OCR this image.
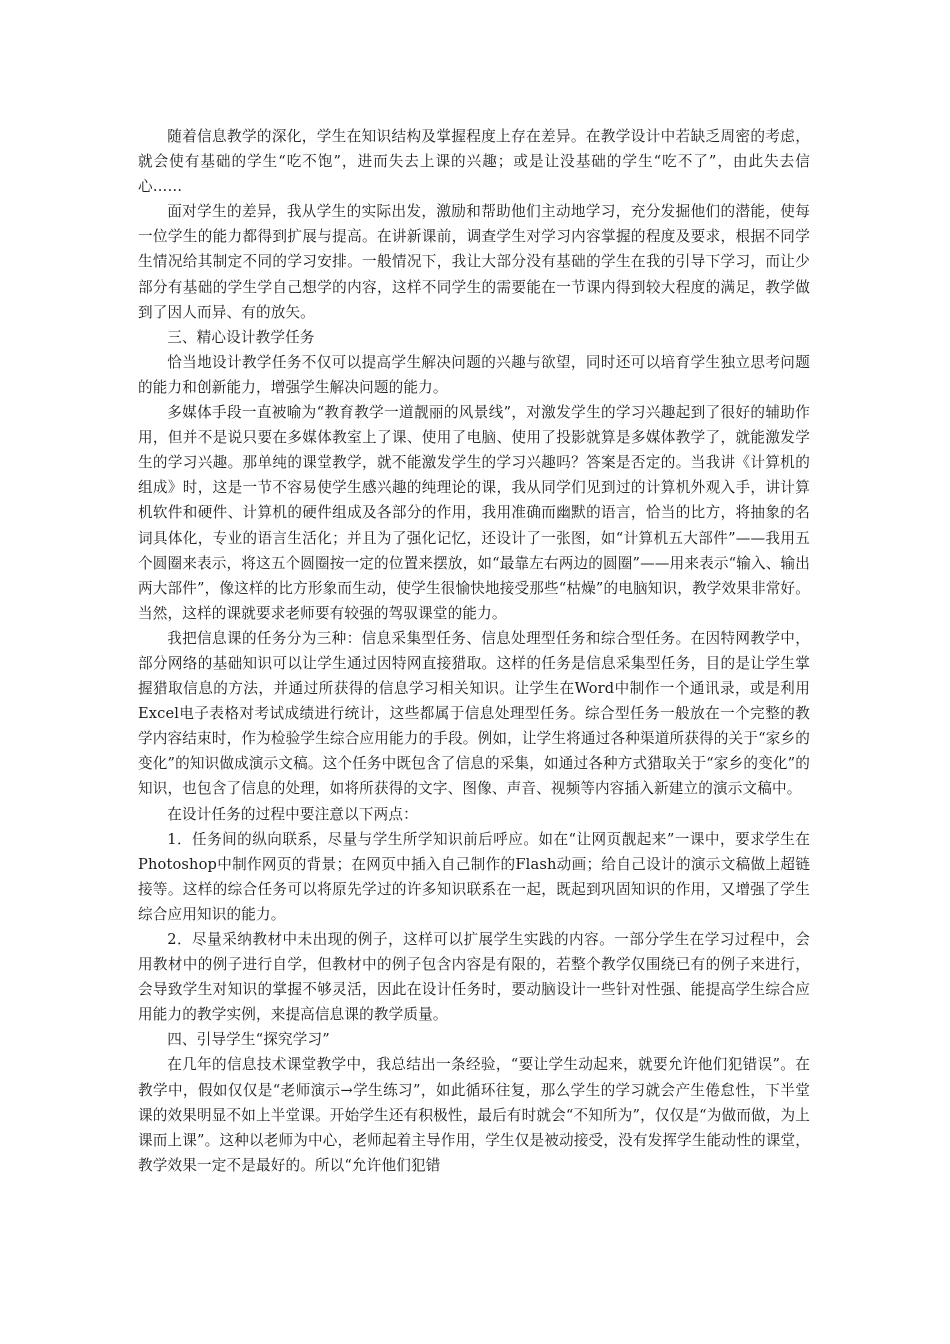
随着信息教学的深化，学生在知识结构及掌握程度上存在差异。在教学设计中若缺乏周密的考虑，就会使有基础的学生“吃不饱”，进而失去上课的兴趣；或是让没基础的学生“吃不了”，由此失去信心……

面对学生的差异，我从学生的实际出发，激励和帮助他们主动地学习，充分发掘他们的潜能，使每一位学生的能力都得到扩展与提高。在讲新课前，调查学生对学习内容掌握的程度及要求，根据不同学生情况给其制定不同的学习安排。一般情况下，我让大部分没有基础的学生在我的引导下学习，而让少部分有基础的学生学自己想学的内容，这样不同学生的需要能在一节课内得到较大程度的满足，教学做到了因人而异、有的放矢。

三、精心设计教学任务

恰当地设计教学任务不仅可以提高学生解决问题的兴趣与欲望，同时还可以培育学生独立思考问题的能力和创新能力，增强学生解决问题的能力。

多媒体手段一直被喻为“教育教学一道靓丽的风景线”，对激发学生的学习兴趣起到了很好的辅助作用，但并不是说只要在多媒体教室上了课、使用了电脑、使用了投影就算是多媒体教学了，就能激发学生的学习兴趣。那单纯的课堂教学，就不能激发学生的学习兴趣吗？答案是否定的。当我讲《计算机的组成》时，这是一节不容易使学生感兴趣的纯理论的课，我从同学们见到过的计算机外观入手，讲计算机软件和硬件、计算机的硬件组成及各部分的作用，我用准确而幽默的语言，恰当的比方，将抽象的名词具体化，专业的语言生活化；并且为了强化记忆，还设计了一张图，如“计算机五大部件”——我用五个圆圈来表示，将这五个圆圈按一定的位置来摆放，如“最靠左右两边的圆圈”——用来表示“输入、输出两大部件”，像这样的比方形象而生动，使学生很愉快地接受那些“枯燥”的电脑知识，教学效果非常好。当然，这样的课就要求老师要有较强的驾驭课堂的能力。

我把信息课的任务分为三种：信息采集型任务、信息处理型任务和综合型任务。在因特网教学中，部分网络的基础知识可以让学生通过因特网直接猎取。这样的任务是信息采集型任务，目的是让学生掌握猎取信息的方法，并通过所获得的信息学习相关知识。让学生在Word中制作一个通讯录，或是利用Excel电子表格对考试成绩进行统计，这些都属于信息处理型任务。综合型任务一般放在一个完整的教学内容结束时，作为检验学生综合应用能力的手段。例如，让学生将通过各种渠道所获得的关于“家乡的变化”的知识做成演示文稿。这个任务中既包含了信息的采集，如通过各种方式猎取关于“家乡的变化”的知识，也包含了信息的处理，如将所获得的文字、图像、声音、视频等内容插入新建立的演示文稿中。

在设计任务的过程中要注意以下两点：

1．任务间的纵向联系，尽量与学生所学知识前后呼应。如在“让网页靓起来”一课中，要求学生在Photoshop中制作网页的背景；在网页中插入自己制作的Flash动画；给自己设计的演示文稿做上超链接等。这样的综合任务可以将原先学过的许多知识联系在一起，既起到巩固知识的作用，又增强了学生综合应用知识的能力。

2．尽量采纳教材中未出现的例子，这样可以扩展学生实践的内容。一部分学生在学习过程中，会用教材中的例子进行自学，但教材中的例子包含内容是有限的，若整个教学仅围绕已有的例子来进行，会导致学生对知识的掌握不够灵活，因此在设计任务时，要动脑设计一些针对性强、能提高学生综合应用能力的教学实例，来提高信息课的教学质量。

四、引导学生“探究学习”

在几年的信息技术课堂教学中，我总结出一条经验，“要让学生动起来，就要允许他们犯错误”。在教学中，假如仅仅是“老师演示→学生练习”，如此循环往复，那么学生的学习就会产生倦怠性，下半堂课的效果明显不如上半堂课。开始学生还有积极性，最后有时就会“不知所为”，仅仅是“为做而做，为上课而上课”。这种以老师为中心，老师起着主导作用，学生仅是被动接受，没有发挥学生能动性的课堂，教学效果一定不是最好的。所以“允许他们犯错
